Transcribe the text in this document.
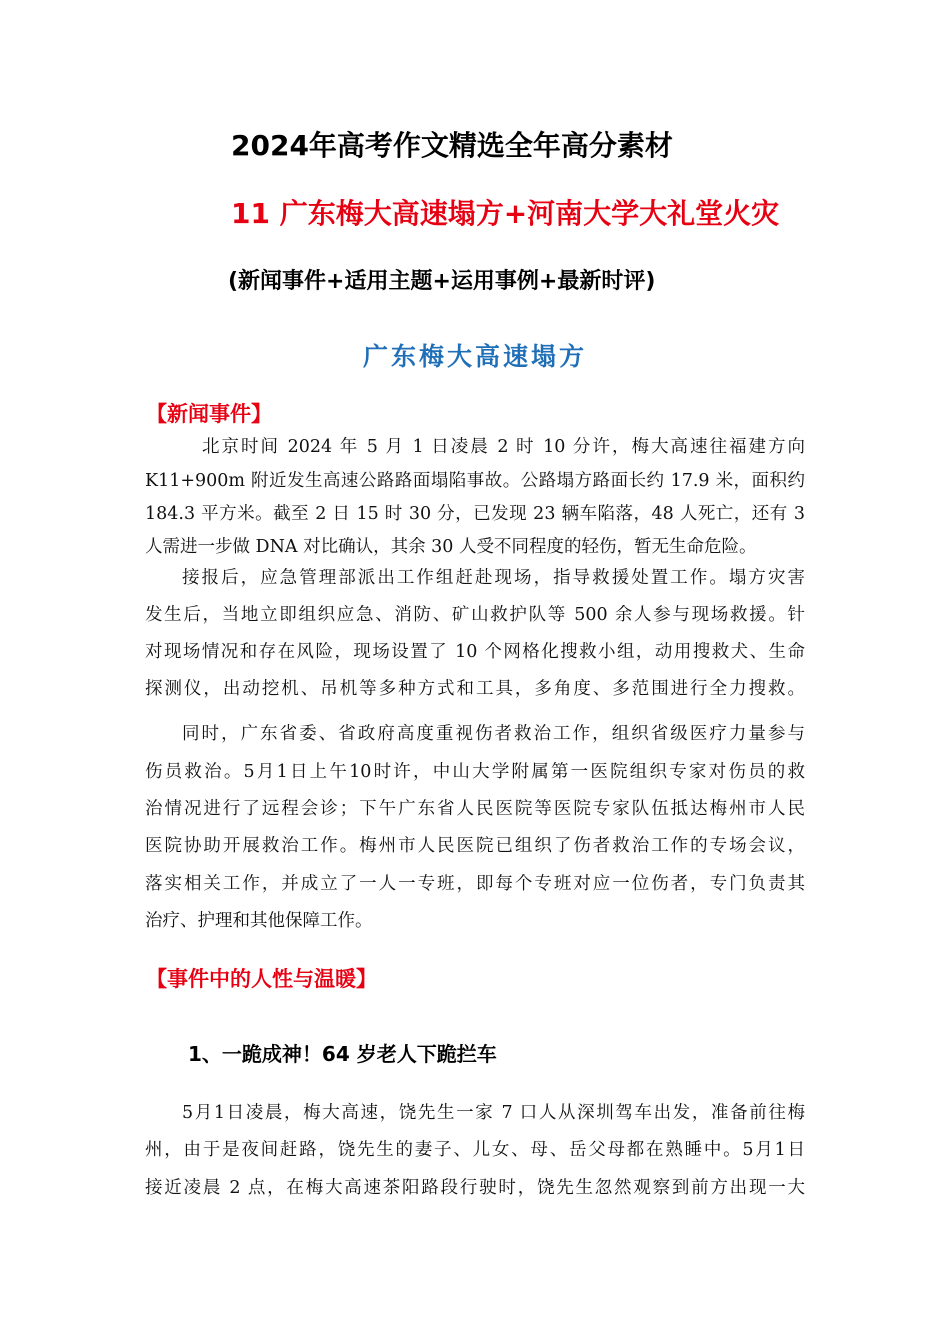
2024年高考作文精选全年高分素材
11 广东梅大高速塌方+河南大学大礼堂火灾
(新闻事件+适用主题+运用事例+最新时评)
广东梅大高速塌方
【新闻事件】
北京时间 2024 年 5 月 1 日凌晨 2 时 10 分许，梅大高速往福建方向
K11+900m 附近发生高速公路路面塌陷事故。公路塌方路面长约 17.9 米，面积约
184.3 平方米。截至 2 日 15 时 30 分，已发现 23 辆车陷落，48 人死亡，还有 3
人需进一步做 DNA 对比确认，其余 30 人受不同程度的轻伤，暂无生命危险。
接报后，应急管理部派出工作组赶赴现场，指导救援处置工作。塌方灾害
发生后，当地立即组织应急、消防、矿山救护队等 500 余人参与现场救援。针
对现场情况和存在风险，现场设置了 10 个网格化搜救小组，动用搜救犬、生命
探测仪，出动挖机、吊机等多种方式和工具，多角度、多范围进行全力搜救。
同时，广东省委、省政府高度重视伤者救治工作，组织省级医疗力量参与
伤员救治。5月1日上午10时许，中山大学附属第一医院组织专家对伤员的救
治情况进行了远程会诊；下午广东省人民医院等医院专家队伍抵达梅州市人民
医院协助开展救治工作。梅州市人民医院已组织了伤者救治工作的专场会议，
落实相关工作，并成立了一人一专班，即每个专班对应一位伤者，专门负责其
治疗、护理和其他保障工作。
【事件中的人性与温暖】
1、一跪成神！64 岁老人下跪拦车
5月1日凌晨，梅大高速，饶先生一家 7 口人从深圳驾车出发，准备前往梅
州，由于是夜间赶路，饶先生的妻子、儿女、母、岳父母都在熟睡中。5月1日
接近凌晨 2 点，在梅大高速茶阳路段行驶时，饶先生忽然观察到前方出现一大
